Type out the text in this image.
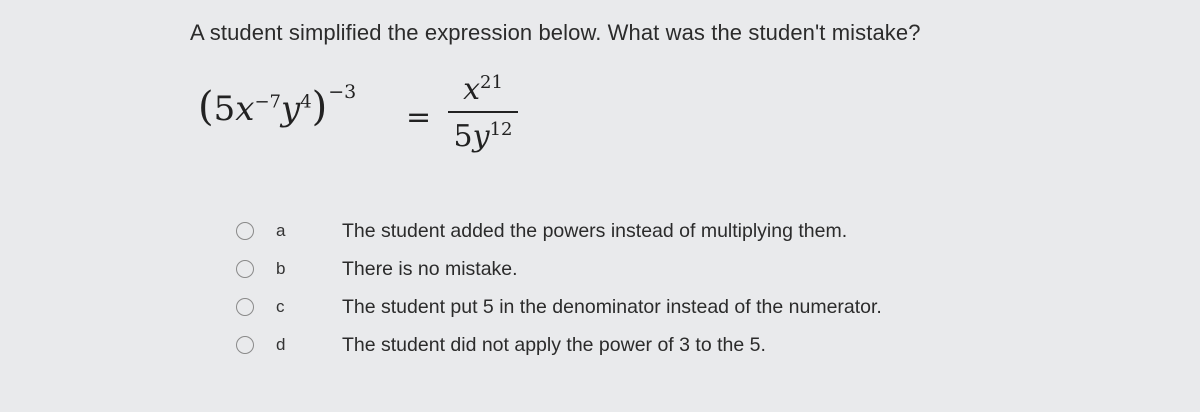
A student simplified the expression below. What was the studen't mistake?
$(5x^{-7}y^4)^{-3}$
=
$x^{21}$
$5y^{12}$
a	The student added the powers instead of multiplying them.
b	There is no mistake.
c	The student put 5 in the denominator instead of the numerator.
d	The student did not apply the power of 3 to the 5.
